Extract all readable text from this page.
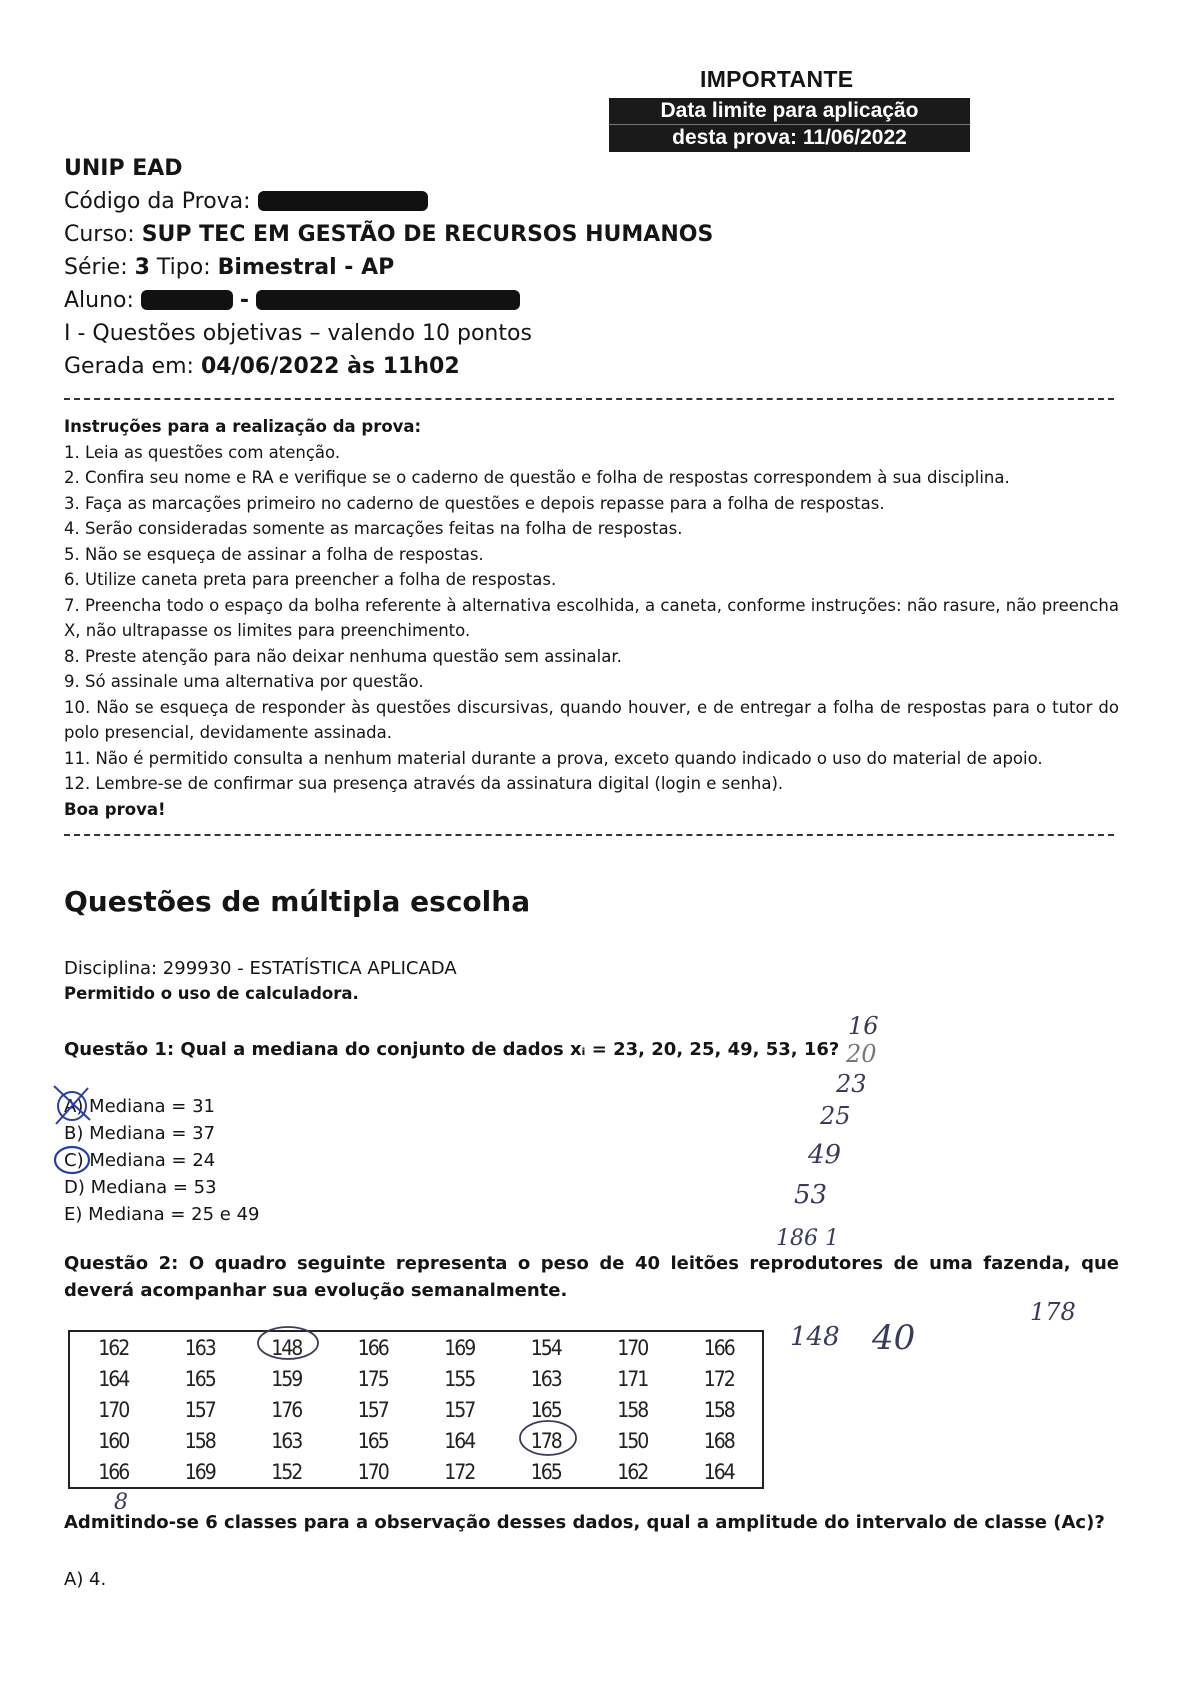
IMPORTANTE
Data limite para aplicação
desta prova: 11/06/2022
UNIP EAD
Código da Prova:
Curso: SUP TEC EM GESTÃO DE RECURSOS HUMANOS
Série: 3 Tipo: Bimestral - AP
Aluno:	-
I - Questões objetivas – valendo 10 pontos
Gerada em: 04/06/2022 às 11h02
Instruções para a realização da prova:
1. Leia as questões com atenção.
2. Confira seu nome e RA e verifique se o caderno de questão e folha de respostas correspondem à sua disciplina.
3. Faça as marcações primeiro no caderno de questões e depois repasse para a folha de respostas.
4. Serão consideradas somente as marcações feitas na folha de respostas.
5. Não se esqueça de assinar a folha de respostas.
6. Utilize caneta preta para preencher a folha de respostas.
7. Preencha todo o espaço da bolha referente à alternativa escolhida, a caneta, conforme instruções: não rasure, não preencha X, não ultrapasse os limites para preenchimento.
8. Preste atenção para não deixar nenhuma questão sem assinalar.
9. Só assinale uma alternativa por questão.
10. Não se esqueça de responder às questões discursivas, quando houver, e de entregar a folha de respostas para o tutor do polo presencial, devidamente assinada.
11. Não é permitido consulta a nenhum material durante a prova, exceto quando indicado o uso do material de apoio.
12. Lembre-se de confirmar sua presença através da assinatura digital (login e senha).
Boa prova!
Questões de múltipla escolha
Disciplina: 299930 - ESTATÍSTICA APLICADA
Permitido o uso de calculadora.
Questão 1: Qual a mediana do conjunto de dados xᵢ = 23, 20, 25, 49, 53, 16?
A) Mediana = 31
B) Mediana = 37
C) Mediana = 24
D) Mediana = 53
E) Mediana = 25 e 49
Questão 2: O quadro seguinte representa o peso de 40 leitões reprodutores de uma fazenda, que deverá acompanhar sua evolução semanalmente.
162	163	148	166	169	154	170	166
164	165	159	175	155	163	171	172
170	157	176	157	157	165	158	158
160	158	163	165	164	178	150	168
166	169	152	170	172	165	162	164
Admitindo-se 6 classes para a observação desses dados, qual a amplitude do intervalo de classe (Ac)?
A) 4.
16
20
23
25
49
53
186 1
148 40
178
8
